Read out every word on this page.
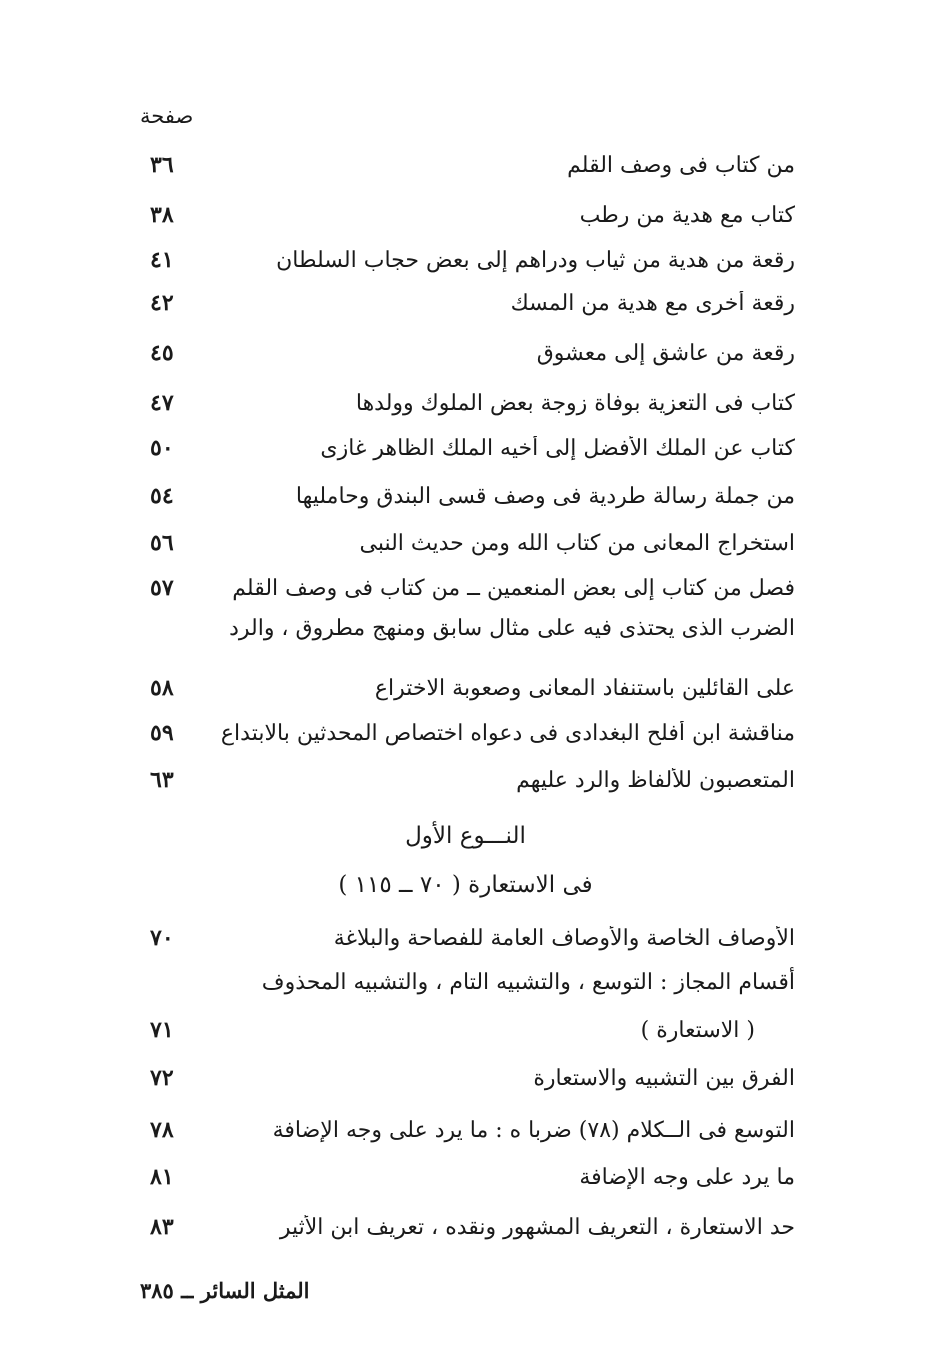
صفحة
من كتاب فى وصف القلم
٣٦
كتاب مع هدية من رطب
٣٨
رقعة من هدية من ثياب ودراهم إلى بعض حجاب السلطان
٤١
رقعة أخرى مع هدية من المسك
٤٢
رقعة من عاشق إلى معشوق
٤٥
كتاب فى التعزية بوفاة زوجة بعض الملوك وولدها
٤٧
كتاب عن الملك الأفضل إلى أخيه الملك الظاهر غازى
٥٠
من جملة رسالة طردية فى وصف قسى البندق وحامليها
٥٤
استخراج المعانى من كتاب الله ومن حديث النبى
٥٦
فصل من كتاب إلى بعض المنعمين ــ من كتاب فى وصف القلم
٥٧
الضرب الذى يحتذى فيه على مثال سابق ومنهج مطروق ، والرد
على القائلين باستنفاد المعانى وصعوبة الاختراع
٥٨
مناقشة ابن أفلح البغدادى فى دعواه اختصاص المحدثين بالابتداع
٥٩
المتعصبون للألفاظ والرد عليهم
٦٣
النـــوع الأول
فى الاستعارة ( ٧٠ ــ ١١٥ )
الأوصاف الخاصة والأوصاف العامة للفصاحة والبلاغة
٧٠
أقسام المجاز : التوسع ، والتشبيه التام ، والتشبيه المحذوف
( الاستعارة )
٧١
الفرق بين التشبيه والاستعارة
٧٢
التوسع فى الــكلام (٧٨) ضربا ه : ما يرد على وجه الإضافة
٧٨
ما يرد على وجه الإضافة
٨١
حد الاستعارة ، التعريف المشهور ونقده ، تعريف ابن الأثير
٨٣
المثل السائر ــ ٣٨٥
